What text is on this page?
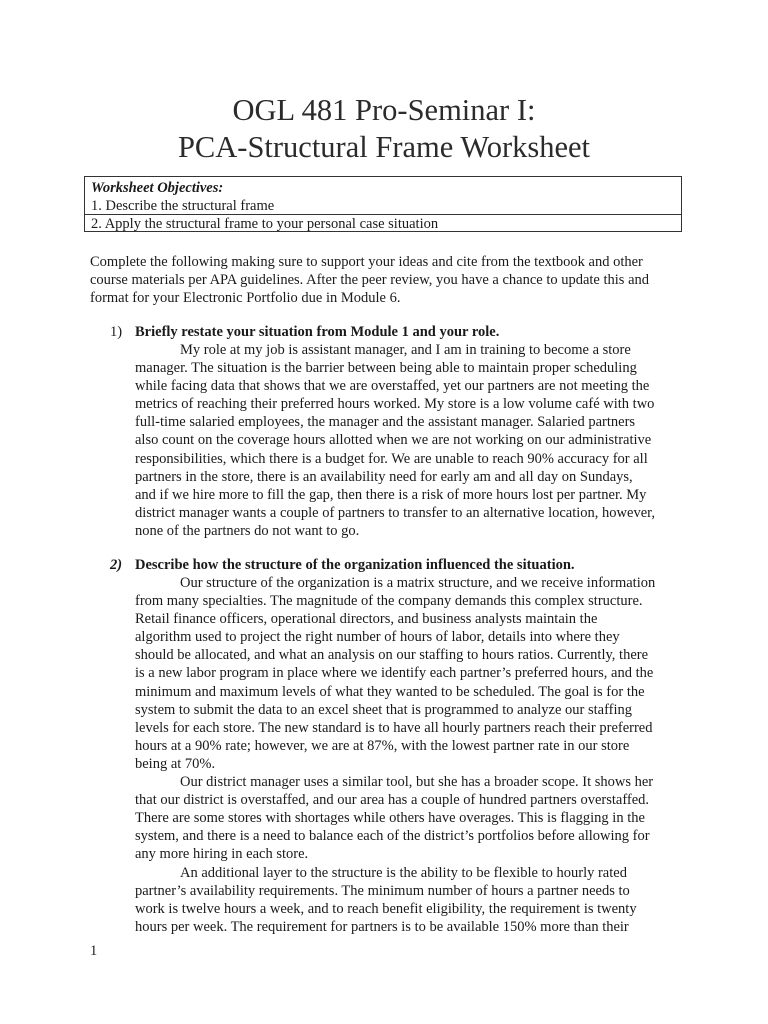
OGL 481 Pro-Seminar I:
PCA-Structural Frame Worksheet
Worksheet Objectives:
1. Describe the structural frame
2. Apply the structural frame to your personal case situation
Complete the following making sure to support your ideas and cite from the textbook and other
course materials per APA guidelines. After the peer review, you have a chance to update this and
format for your Electronic Portfolio due in Module 6.
1) Briefly restate your situation from Module 1 and your role.
My role at my job is assistant manager, and I am in training to become a store
manager. The situation is the barrier between being able to maintain proper scheduling
while facing data that shows that we are overstaffed, yet our partners are not meeting the
metrics of reaching their preferred hours worked. My store is a low volume café with two
full-time salaried employees, the manager and the assistant manager. Salaried partners
also count on the coverage hours allotted when we are not working on our administrative
responsibilities, which there is a budget for. We are unable to reach 90% accuracy for all
partners in the store, there is an availability need for early am and all day on Sundays,
and if we hire more to fill the gap, then there is a risk of more hours lost per partner. My
district manager wants a couple of partners to transfer to an alternative location, however,
none of the partners do not want to go.
2) Describe how the structure of the organization influenced the situation.
Our structure of the organization is a matrix structure, and we receive information
from many specialties. The magnitude of the company demands this complex structure.
Retail finance officers, operational directors, and business analysts maintain the
algorithm used to project the right number of hours of labor, details into where they
should be allocated, and what an analysis on our staffing to hours ratios. Currently, there
is a new labor program in place where we identify each partner’s preferred hours, and the
minimum and maximum levels of what they wanted to be scheduled. The goal is for the
system to submit the data to an excel sheet that is programmed to analyze our staffing
levels for each store. The new standard is to have all hourly partners reach their preferred
hours at a 90% rate; however, we are at 87%, with the lowest partner rate in our store
being at 70%.
Our district manager uses a similar tool, but she has a broader scope. It shows her
that our district is overstaffed, and our area has a couple of hundred partners overstaffed.
There are some stores with shortages while others have overages. This is flagging in the
system, and there is a need to balance each of the district’s portfolios before allowing for
any more hiring in each store.
An additional layer to the structure is the ability to be flexible to hourly rated
partner’s availability requirements. The minimum number of hours a partner needs to
work is twelve hours a week, and to reach benefit eligibility, the requirement is twenty
hours per week. The requirement for partners is to be available 150% more than their
1
